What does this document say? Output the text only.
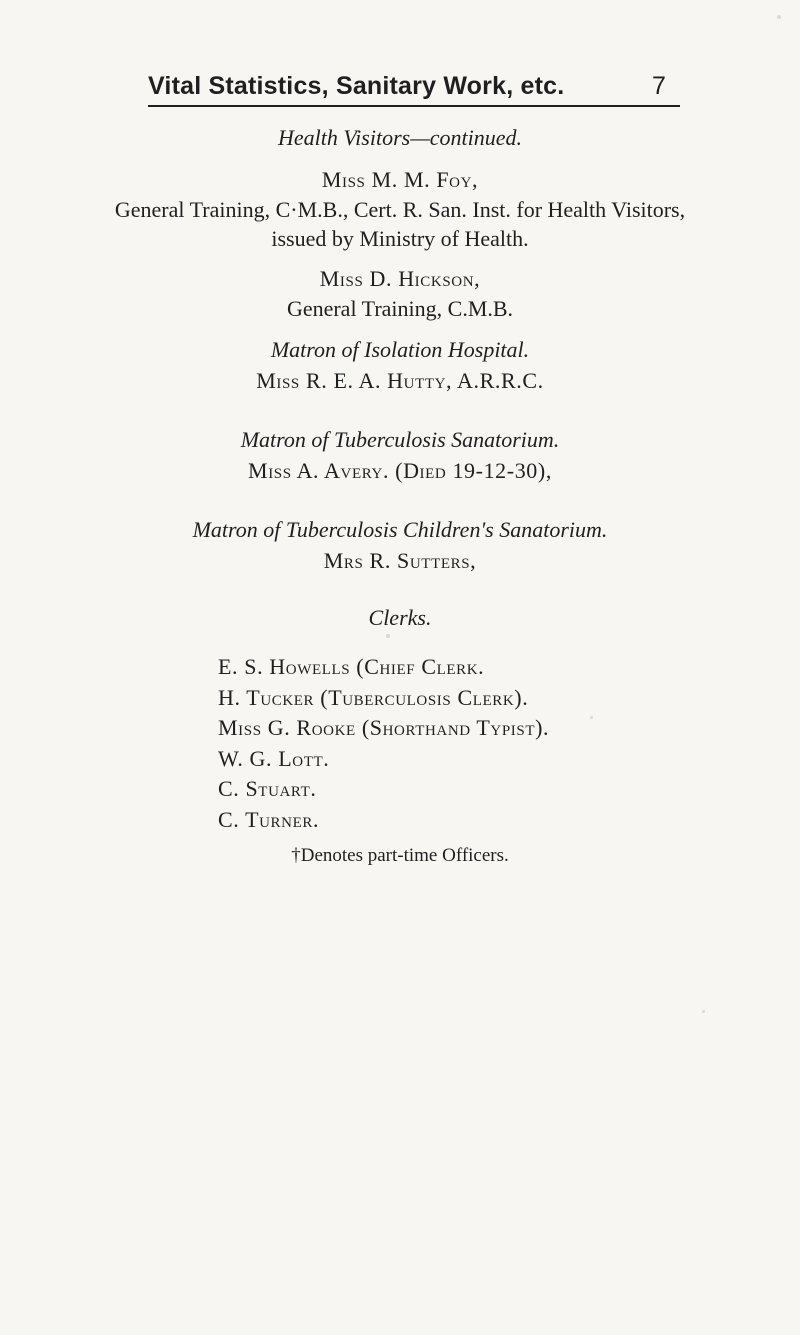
Vital Statistics, Sanitary Work, etc.	7
Health Visitors—continued.
Miss M. M. Foy,
General Training, C·M.B., Cert. R. San. Inst. for Health Visitors,
issued by Ministry of Health.
Miss D. Hickson,
General Training, C.M.B.
Matron of Isolation Hospital.
Miss R. E. A. Hutty, A.R.R.C.
Matron of Tuberculosis Sanatorium.
Miss A. Avery. (Died 19-12-30),
Matron of Tuberculosis Children's Sanatorium.
Mrs R. Sutters,
Clerks.
E. S. Howells (Chief Clerk.
H. Tucker (Tuberculosis Clerk).
Miss G. Rooke (Shorthand Typist).
W. G. Lott.
C. Stuart.
C. Turner.
†Denotes part-time Officers.
